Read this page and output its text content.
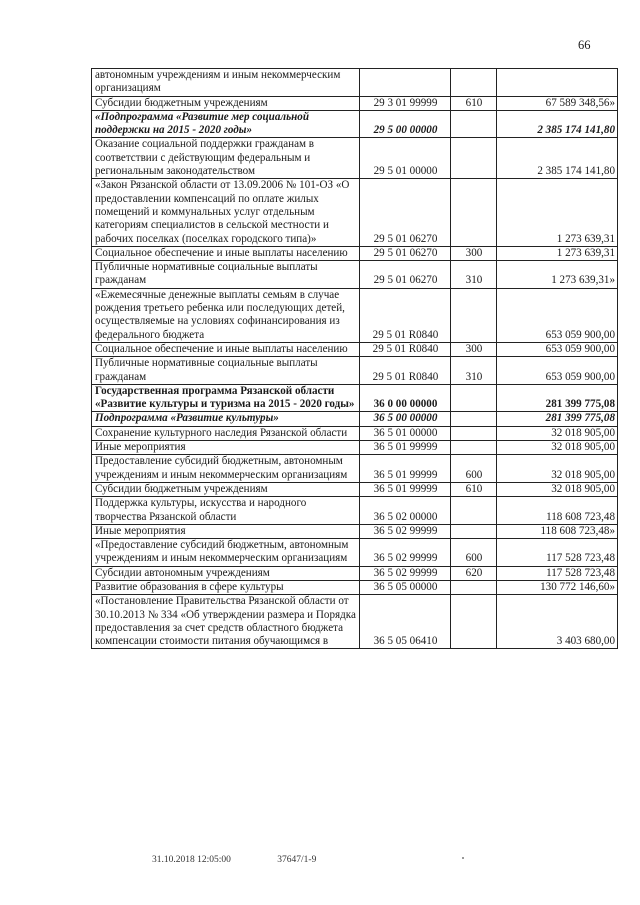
66
автономным учреждениям и иным некоммерческим организациям			
Субсидии бюджетным учреждениям	29 3 01 99999	610	67 589 348,56»
«Подпрограмма «Развитие мер социальной поддержки на 2015 - 2020 годы»	29 5 00 00000		2 385 174 141,80
Оказание социальной поддержки гражданам в соответствии с действующим федеральным и региональным законодательством	29 5 01 00000		2 385 174 141,80
«Закон Рязанской области от 13.09.2006 № 101-ОЗ «О предоставлении компенсаций по оплате жилых помещений и коммунальных услуг отдельным категориям специалистов в сельской местности и рабочих поселках (поселках городского типа)»	29 5 01 06270		1 273 639,31
Социальное обеспечение и иные выплаты населению	29 5 01 06270	300	1 273 639,31
Публичные нормативные социальные выплаты гражданам	29 5 01 06270	310	1 273 639,31»
«Ежемесячные денежные выплаты семьям в случае рождения третьего ребенка или последующих детей, осуществляемые на условиях софинансирования из федерального бюджета	29 5 01 R0840		653 059 900,00
Социальное обеспечение и иные выплаты населению	29 5 01 R0840	300	653 059 900,00
Публичные нормативные социальные выплаты гражданам	29 5 01 R0840	310	653 059 900,00
Государственная программа Рязанской области «Развитие культуры и туризма на 2015 - 2020 годы»	36 0 00 00000		281 399 775,08
Подпрограмма «Развитие культуры»	36 5 00 00000		281 399 775,08
Сохранение культурного наследия Рязанской области	36 5 01 00000		32 018 905,00
Иные мероприятия	36 5 01 99999		32 018 905,00
Предоставление субсидий бюджетным, автономным учреждениям и иным некоммерческим организациям	36 5 01 99999	600	32 018 905,00
Субсидии бюджетным учреждениям	36 5 01 99999	610	32 018 905,00
Поддержка культуры, искусства и народного творчества Рязанской области	36 5 02 00000		118 608 723,48
Иные мероприятия	36 5 02 99999		118 608 723,48»
«Предоставление субсидий бюджетным, автономным учреждениям и иным некоммерческим организациям	36 5 02 99999	600	117 528 723,48
Субсидии автономным учреждениям	36 5 02 99999	620	117 528 723,48
Развитие образования в сфере культуры	36 5 05 00000		130 772 146,60»
«Постановление Правительства Рязанской области от 30.10.2013 № 334 «Об утверждении размера и Порядка предоставления за счет средств областного бюджета компенсации стоимости питания обучающимся в	36 5 05 06410		3 403 680,00
31.10.2018 12:05:00	37647/1-9
